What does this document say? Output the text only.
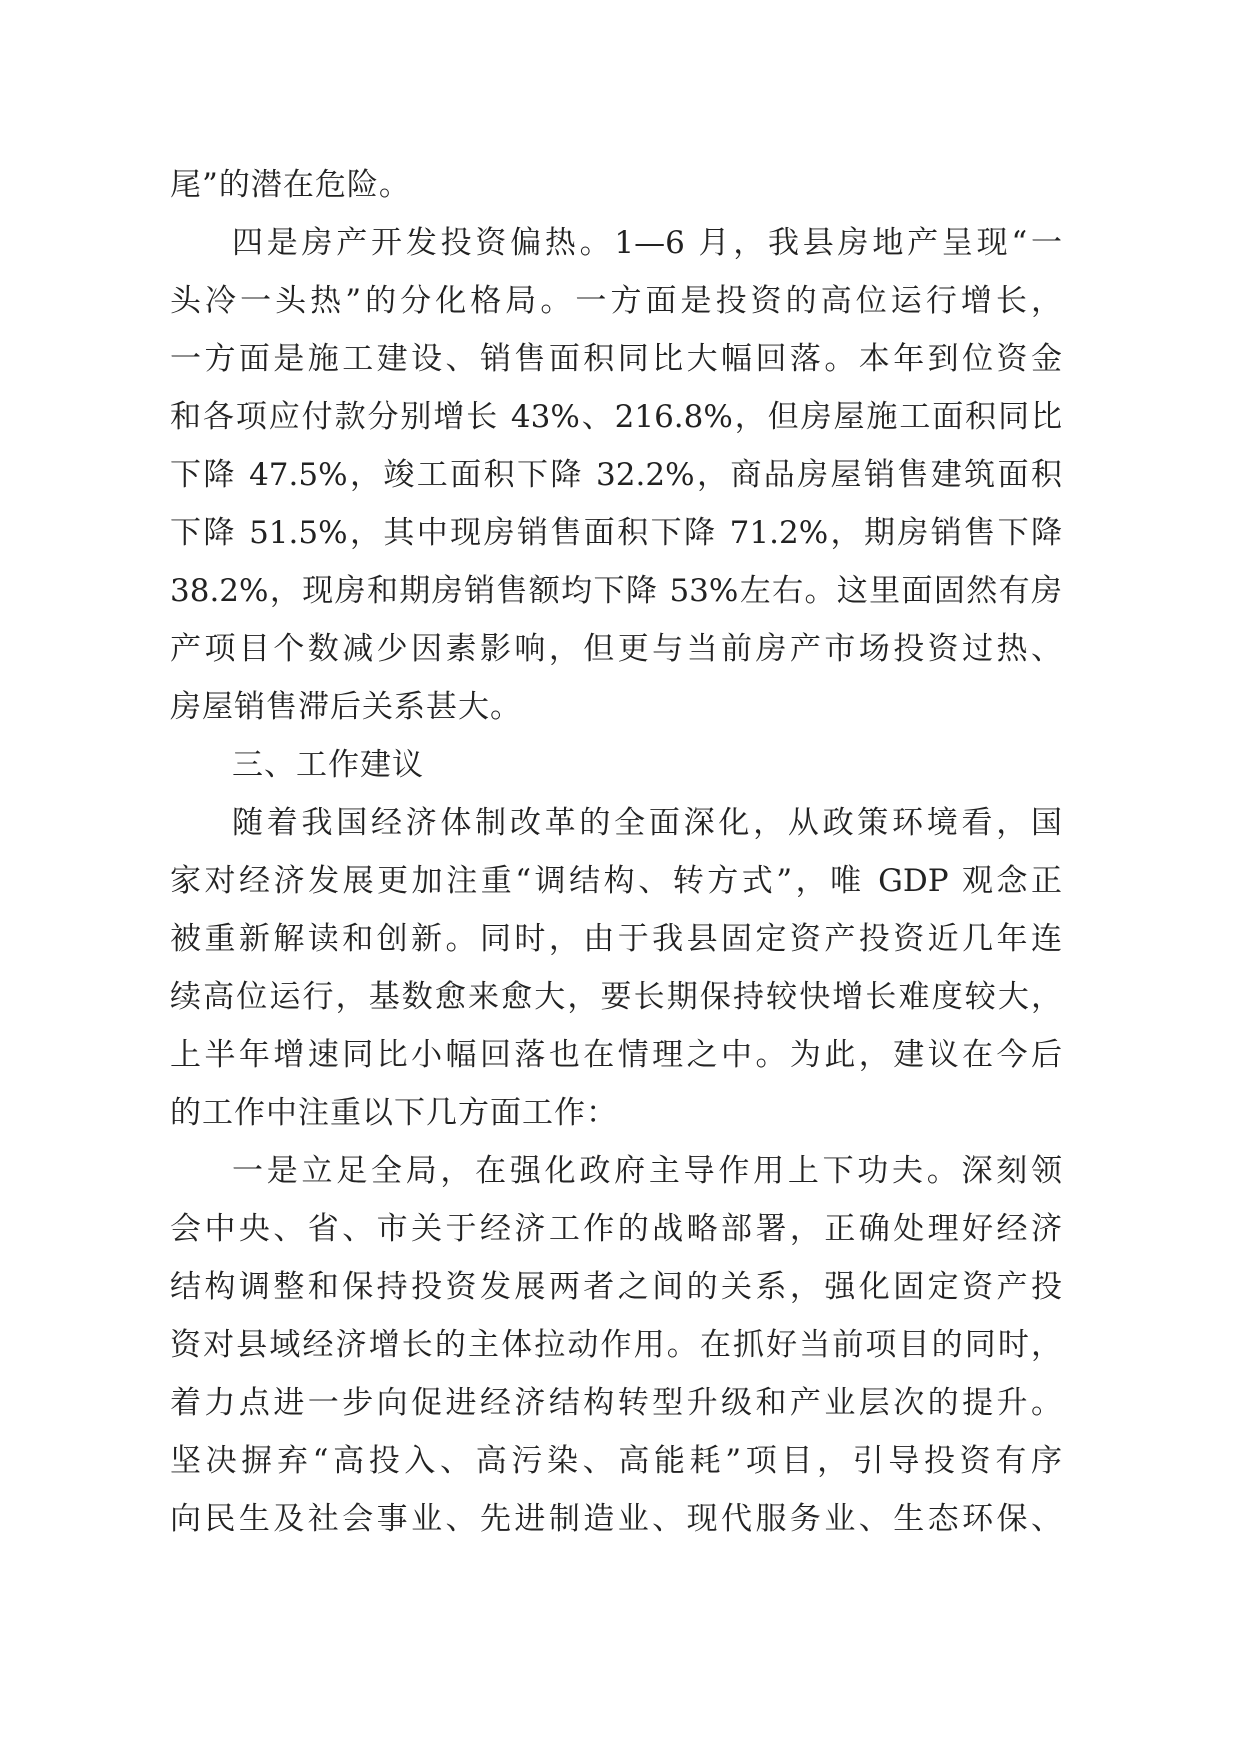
尾”的潜在危险。
四是房产开发投资偏热。1—6 月，我县房地产呈现“一
头冷一头热”的分化格局。一方面是投资的高位运行增长，
一方面是施工建设、销售面积同比大幅回落。本年到位资金
和各项应付款分别增长 43%、216.8%，但房屋施工面积同比
下降 47.5%，竣工面积下降 32.2%，商品房屋销售建筑面积
下降 51.5%，其中现房销售面积下降 71.2%，期房销售下降
38.2%，现房和期房销售额均下降 53%左右。这里面固然有房
产项目个数减少因素影响，但更与当前房产市场投资过热、
房屋销售滞后关系甚大。
三、工作建议
随着我国经济体制改革的全面深化，从政策环境看，国
家对经济发展更加注重“调结构、转方式”，唯 GDP 观念正
被重新解读和创新。同时，由于我县固定资产投资近几年连
续高位运行，基数愈来愈大，要长期保持较快增长难度较大，
上半年增速同比小幅回落也在情理之中。为此，建议在今后
的工作中注重以下几方面工作：
一是立足全局，在强化政府主导作用上下功夫。深刻领
会中央、省、市关于经济工作的战略部署，正确处理好经济
结构调整和保持投资发展两者之间的关系，强化固定资产投
资对县域经济增长的主体拉动作用。在抓好当前项目的同时，
着力点进一步向促进经济结构转型升级和产业层次的提升。
坚决摒弃“高投入、高污染、高能耗”项目，引导投资有序
向民生及社会事业、先进制造业、现代服务业、生态环保、
